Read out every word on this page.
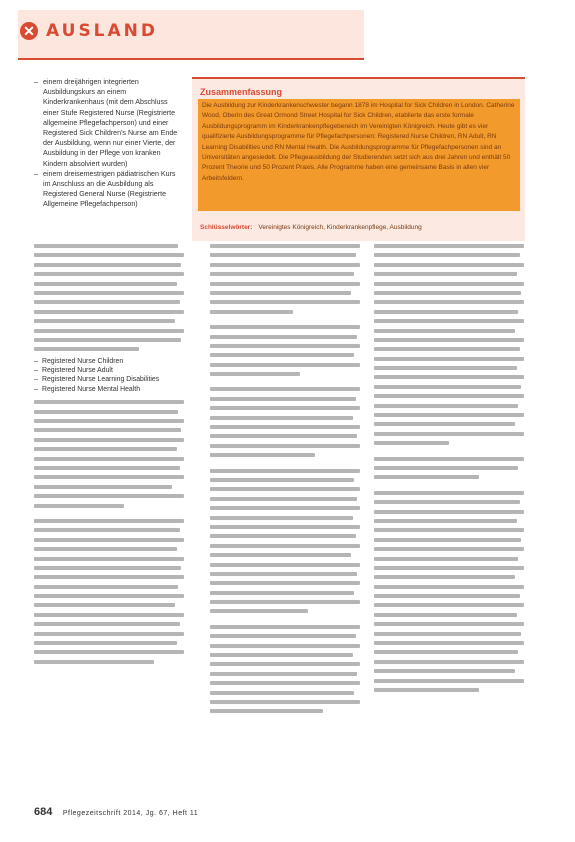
✕ AUSLAND
– einem dreijährigen integrierten Ausbildungskurs an einem Kinderkrankenhaus (mit dem Abschluss einer Stufe Registered Nurse (Registrierte allgemeine Pflegefachperson) und einer Registered Sick Children's Nurse am Ende der Ausbildung, wenn nur einer Vierte, der Ausbildung in der Pflege von kranken Kindern absolviert wurden)
– einem dreisemestrigen pädiatrischen Kurs im Anschluss an die Ausbildung als Registered General Nurse (Registrierte Allgemeine Pflegefachperson)
Zusammenfassung
Die Ausbildung zur Kinderkrankenschwester begann 1878 im Hospital for Sick Children in London. Catherine Wood, Oberin des Great Ormond Street Hospital for Sick Children, etablierte das erste formale Ausbildungsprogramm im Kinderkrankenpflegebereich im Vereinigten Königreich. Heute gibt es vier qualifizierte Ausbildungsprogramme für Pflegefachpersonen: Registered Nurse Children, RN Adult, RN Learning Disabilities und RN Mental Health. Die Ausbildungsprogramme für Pflegefachpersonen sind an Universitäten angesiedelt. Die Pflegeausbildung der Studierenden setzt sich aus drei Jahren und enthält 50 Prozent Theorie und 50 Prozent Praxis. Alle Programme haben eine gemeinsame Basis in allen vier Arbeitsfeldern.
Schlüsselwörter: Vereinigtes Königreich, Kinderkrankenpflege, Ausbildung
– Registered Nurse Children
– Registered Nurse Adult
– Registered Nurse Learning Disabilities
– Registered Nurse Mental Health
684 Pflegezeitschrift 2014, Jg. 67, Heft 11
